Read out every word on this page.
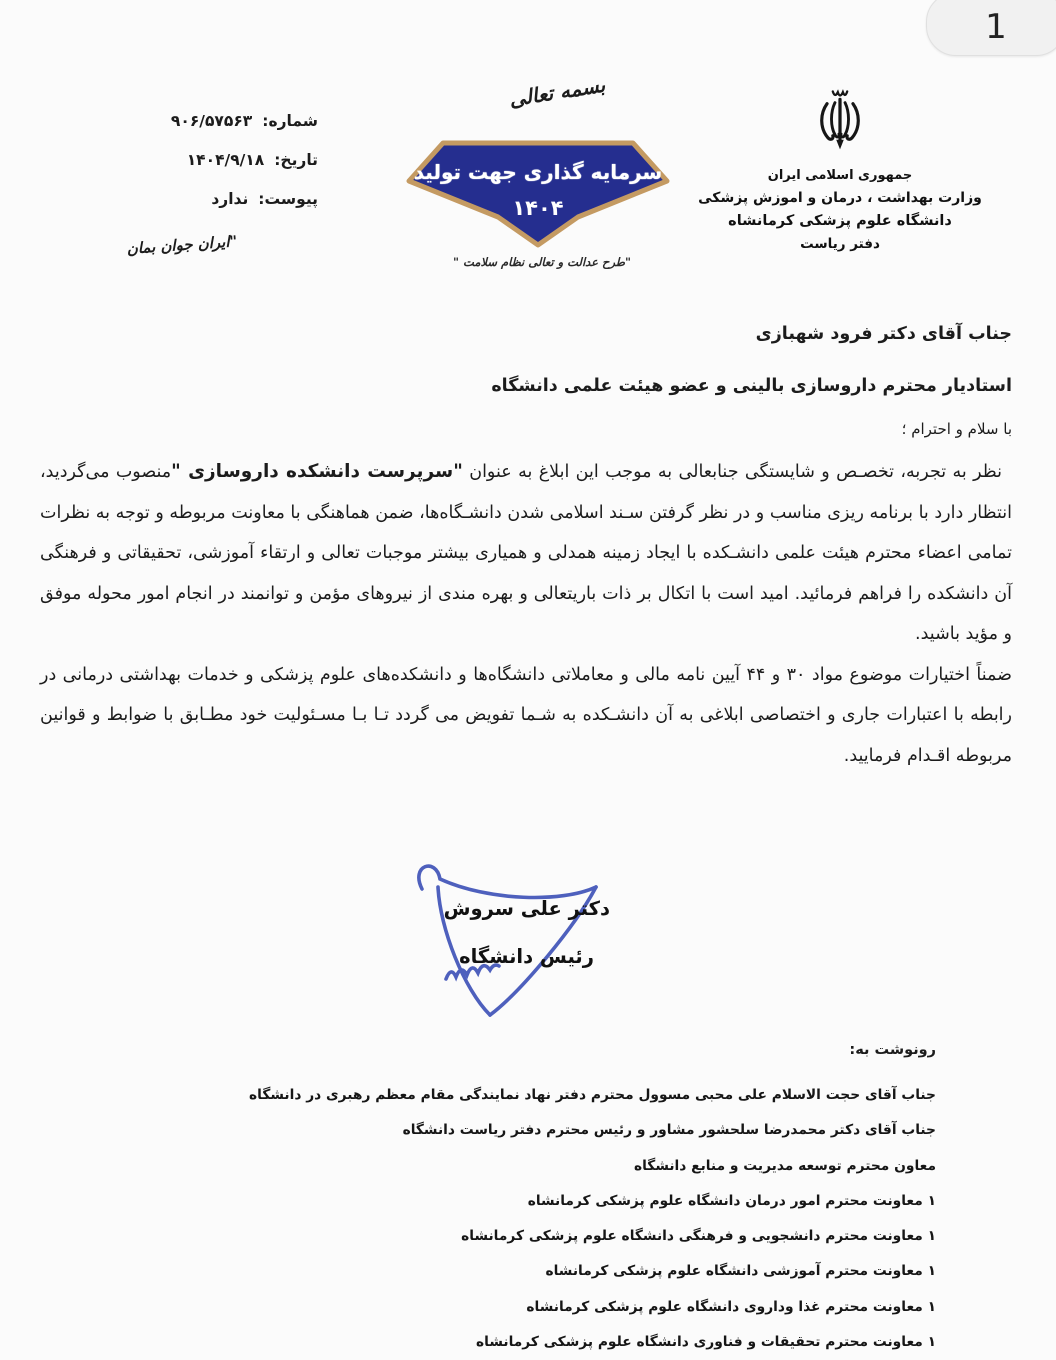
1
بسمه تعالی
جمهوری اسلامی ایران
وزارت بهداشت ، درمان و اموزش پزشکی
دانشگاه علوم پزشکی کرمانشاه
دفتر ریاست
سرمایه گذاری جهت تولید
۱۴۰۴
"طرح عدالت و تعالی نظام سلامت "
شماره:
۹۰۶/۵۷۵۶۳
تاریخ:
۱۴۰۴/۹/۱۸
پیوست:
ندارد
"ایران جوان بمان
جناب آقای دکتر فرود شهبازی
استادیار محترم داروسازی بالینی و عضو هیئت علمی دانشگاه
با سلام و احترام ؛

نظر به تجربه، تخصـص و شایستگی جنابعالی به موجب این ابلاغ به عنوان "سرپرست دانشکده داروسازی "منصوب می‌گردید، انتظار دارد با برنامه ریزی مناسب و در نظر گرفتن سـند اسلامی شدن دانشـگاه‌ها، ضمن هماهنگی با معاونت مربوطه و توجه به نظرات تمامی اعضاء محترم هیئت علمی دانشـکده با ایجاد زمینه همدلی و همیاری بیشتر موجبات تعالی و ارتقاء آموزشی، تحقیقاتی و فرهنگی آن دانشکده را فراهم فرمائید. امید است با اتکال بر ذات باریتعالی و بهره مندی از نیروهای مؤمن و توانمند در انجام امور محوله موفق و مؤید باشید.

ضمناً اختیارات موضوع مواد ۳۰ و ۴۴ آیین نامه مالی و معاملاتی دانشگاه‌ها و دانشکده‌های علوم پزشکی و خدمات بهداشتی درمانی در رابطه با اعتبارات جاری و اختصاصی ابلاغی به آن دانشـکده به شـما تفویض می گردد تـا بـا مسـئولیت خود مطـابق با ضوابط و قوانین مربوطه اقـدام فرمایید.

دکتر علی سروش
رئیس دانشگاه
رونوشت به:
جناب آقای حجت الاسلام علی محبی مسوول محترم دفتر نهاد نمایندگی مقام معظم رهبری در دانشگاه
جناب آقای دکتر محمدرضا سلحشور مشاور و رئیس محترم دفتر ریاست دانشگاه
معاون محترم توسعه مدیریت و منابع دانشگاه
۱ معاونت محترم امور درمان دانشگاه علوم پزشکی کرمانشاه
۱ معاونت محترم دانشجویی و فرهنگی دانشگاه علوم پزشکی کرمانشاه
۱ معاونت محترم آموزشی دانشگاه علوم پزشکی کرمانشاه
۱ معاونت محترم غذا وداروی دانشگاه علوم پزشکی کرمانشاه
۱ معاونت محترم تحقیقات و فناوری دانشگاه علوم پزشکی کرمانشاه
